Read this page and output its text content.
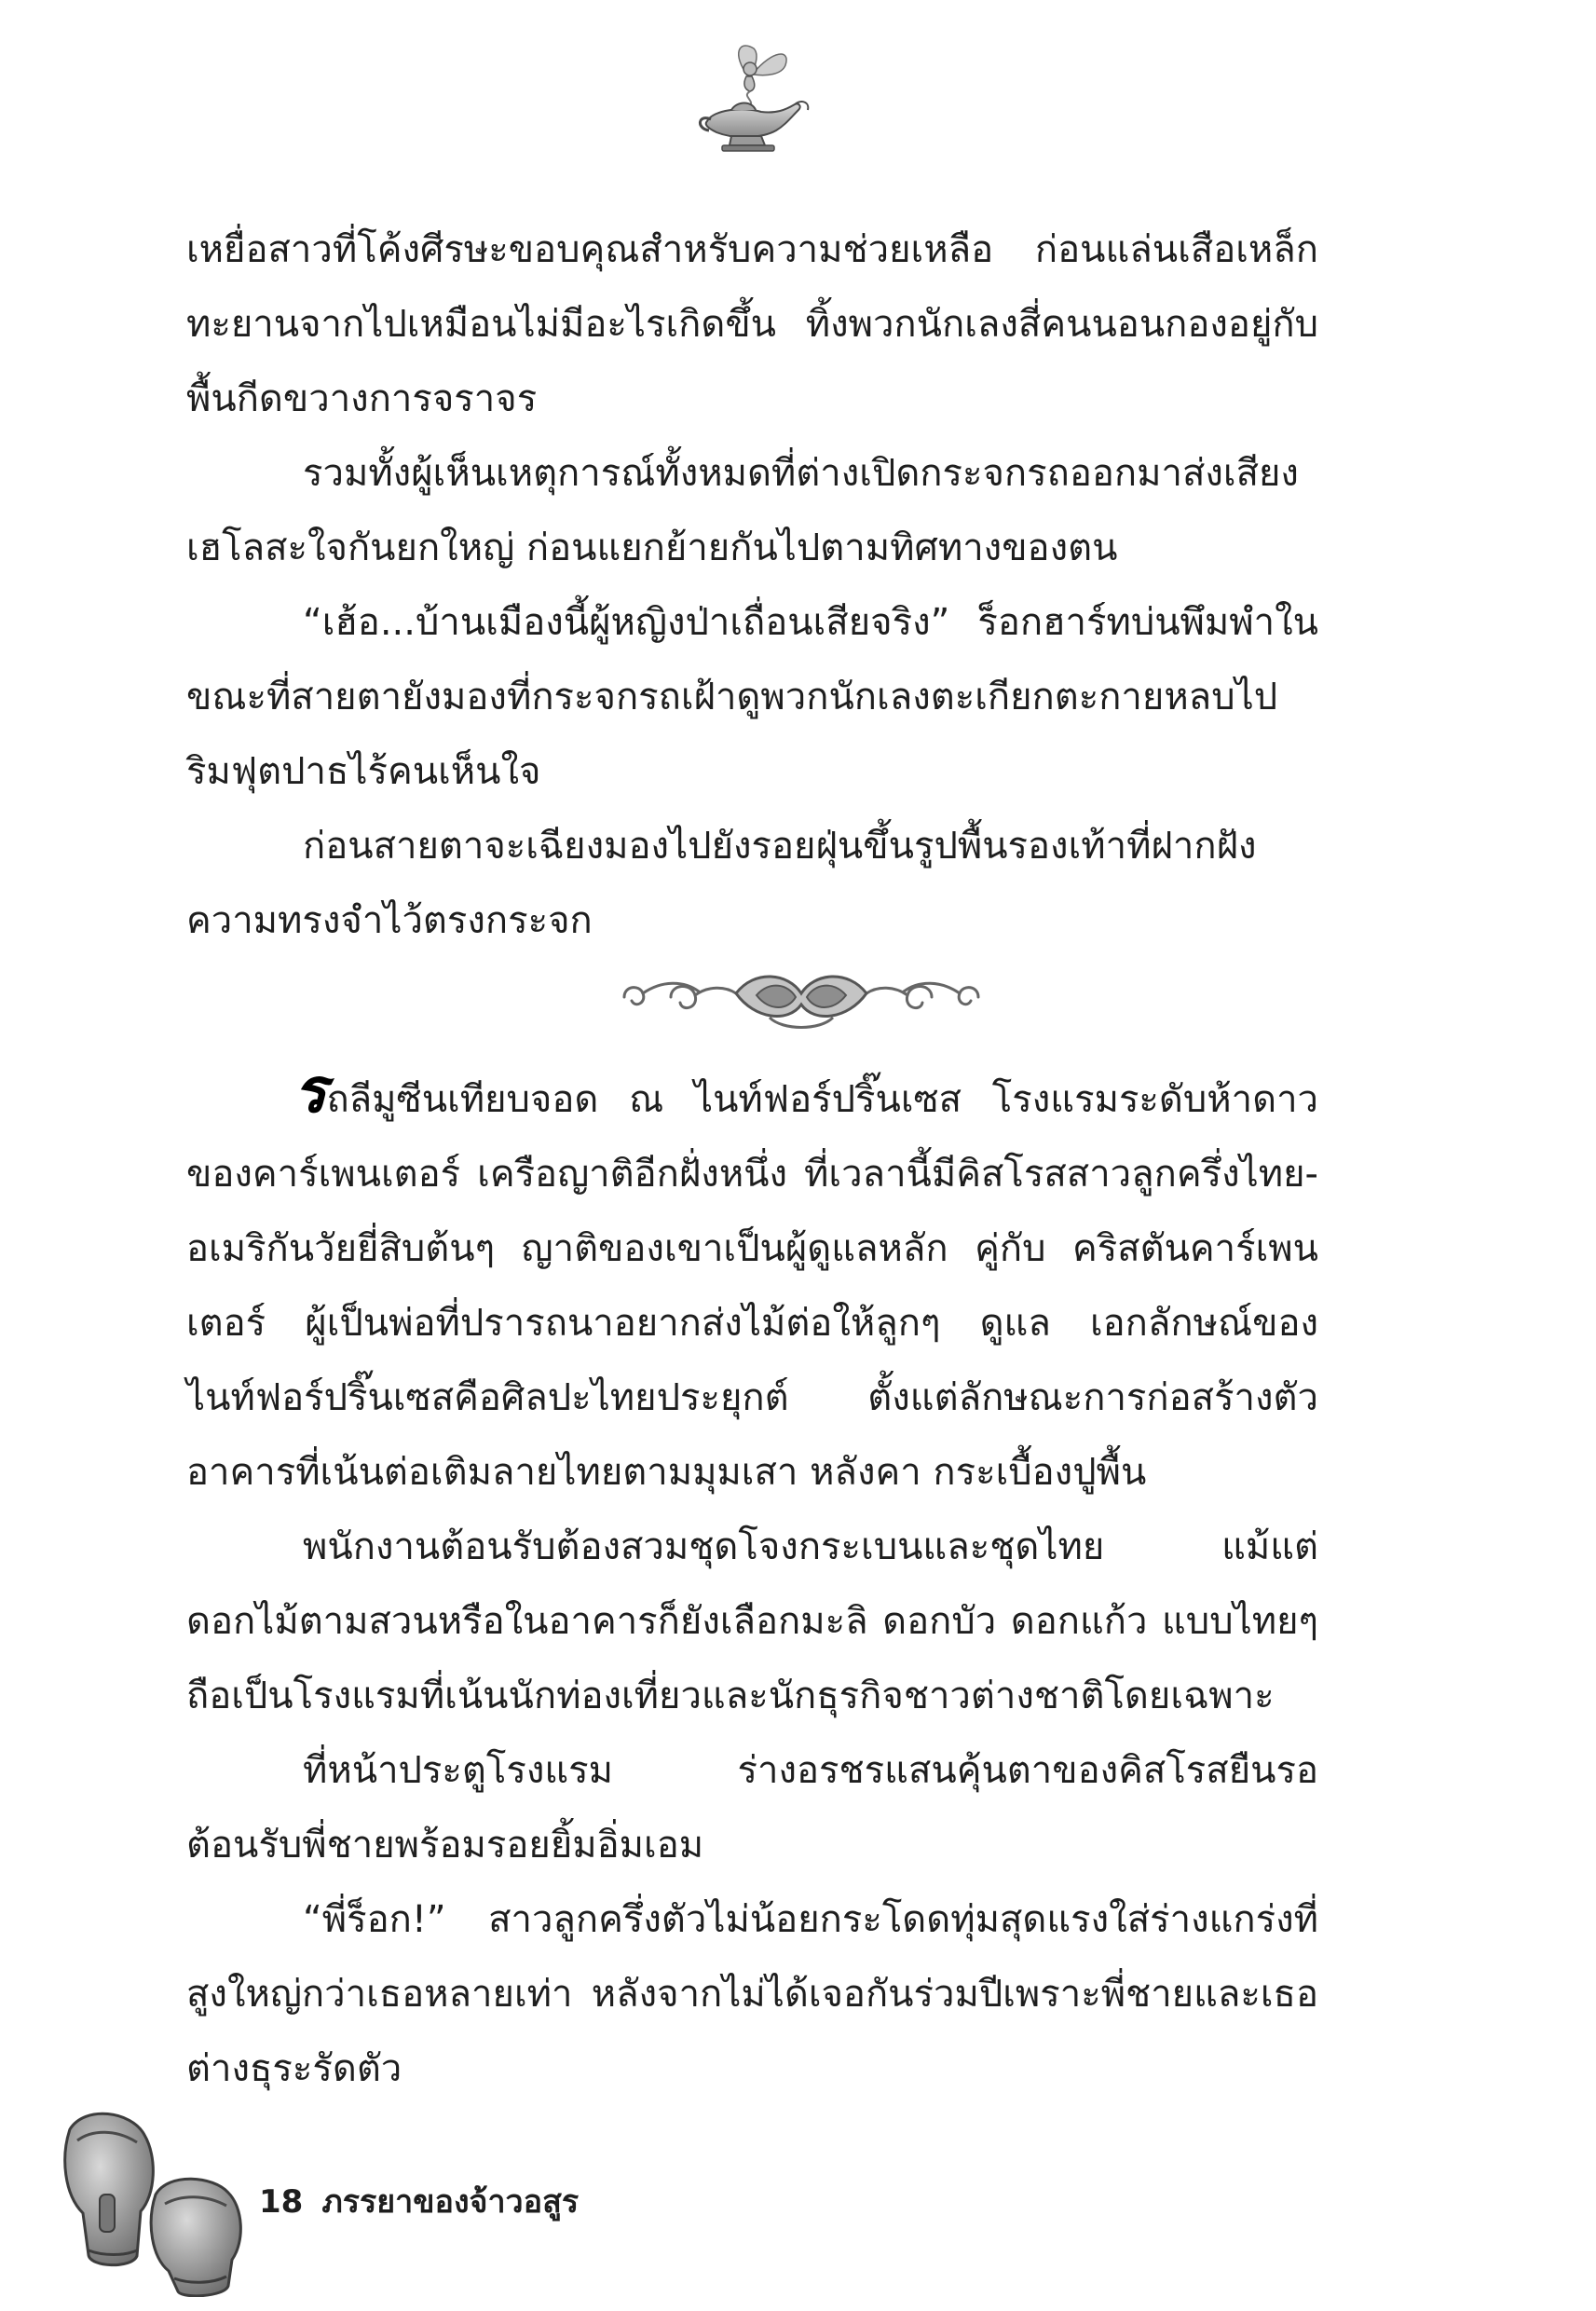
เหยื่อสาวที่โค้งศีรษะขอบคุณสำหรับความช่วยเหลือ ก่อนแล่นเสือเหล็กทะยานจากไปเหมือนไม่มีอะไรเกิดขึ้น ทิ้งพวกนักเลงสี่คนนอนกองอยู่กับพื้นกีดขวางการจราจร

รวมทั้งผู้เห็นเหตุการณ์ทั้งหมดที่ต่างเปิดกระจกรถออกมาส่งเสียงเฮโลสะใจกันยกใหญ่ ก่อนแยกย้ายกันไปตามทิศทางของตน

“เฮ้อ...บ้านเมืองนี้ผู้หญิงป่าเถื่อนเสียจริง” ร็อกฮาร์ทบ่นพึมพำในขณะที่สายตายังมองที่กระจกรถเฝ้าดูพวกนักเลงตะเกียกตะกายหลบไปริมฟุตปาธไร้คนเห็นใจ

ก่อนสายตาจะเฉียงมองไปยังรอยฝุ่นขึ้นรูปพื้นรองเท้าที่ฝากฝังความทรงจำไว้ตรงกระจก

รถลีมูซีนเทียบจอด ณ ไนท์ฟอร์ปริ๊นเซส โรงแรมระดับห้าดาวของคาร์เพนเตอร์ เครือญาติอีกฝั่งหนึ่ง ที่เวลานี้มีคิสโรสสาวลูกครึ่งไทย-อเมริกันวัยยี่สิบต้นๆ ญาติของเขาเป็นผู้ดูแลหลัก คู่กับ คริสตันคาร์เพนเตอร์ ผู้เป็นพ่อที่ปรารถนาอยากส่งไม้ต่อให้ลูกๆ ดูแล เอกลักษณ์ของไนท์ฟอร์ปริ๊นเซสคือศิลปะไทยประยุกต์ ตั้งแต่ลักษณะการก่อสร้างตัวอาคารที่เน้นต่อเติมลายไทยตามมุมเสา หลังคา กระเบื้องปูพื้น

พนักงานต้อนรับต้องสวมชุดโจงกระเบนและชุดไทย แม้แต่ดอกไม้ตามสวนหรือในอาคารก็ยังเลือกมะลิ ดอกบัว ดอกแก้ว แบบไทยๆ ถือเป็นโรงแรมที่เน้นนักท่องเที่ยวและนักธุรกิจชาวต่างชาติโดยเฉพาะ

ที่หน้าประตูโรงแรม ร่างอรชรแสนคุ้นตาของคิสโรสยืนรอต้อนรับพี่ชายพร้อมรอยยิ้มอิ่มเอม

“พี่ร็อก!” สาวลูกครึ่งตัวไม่น้อยกระโดดทุ่มสุดแรงใส่ร่างแกร่งที่สูงใหญ่กว่าเธอหลายเท่า หลังจากไม่ได้เจอกันร่วมปีเพราะพี่ชายและเธอต่างธุระรัดตัว

18 ภรรยาของจ้าวอสูร
